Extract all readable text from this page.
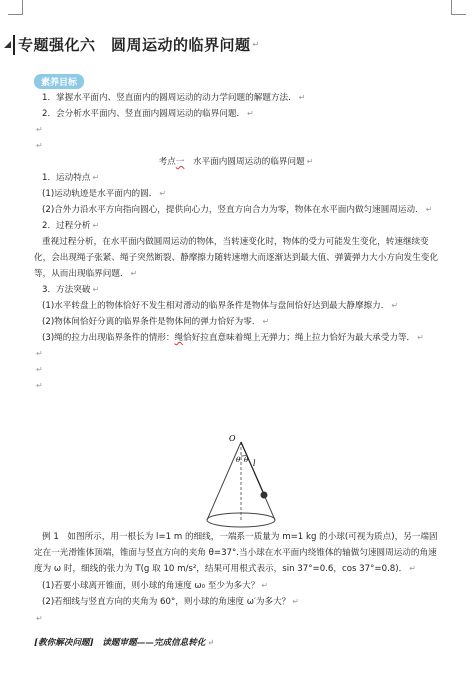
专题强化六　圆周运动的临界问题 ↵
素养目标

1．掌握水平面内、竖直面内的圆周运动的动力学问题的解题方法． ↵

2．会分析水平面内、竖直面内圆周运动的临界问题． ↵

↵

↵

考点一　水平面内圆周运动的临界问题 ↵

1．运动特点 ↵

(1)运动轨迹是水平面内的圆． ↵

(2)合外力沿水平方向指向圆心，提供向心力，竖直方向合力为零，物体在水平面内做匀速圆周运动． ↵

2．过程分析 ↵

重视过程分析，在水平面内做圆周运动的物体，当转速变化时，物体的受力可能发生变化，转速继续变化，会出现绳子张紧、绳子突然断裂、静摩擦力随转速增大而逐渐达到最大值、弹簧弹力大小方向发生变化等，从而出现临界问题． ↵

3．方法突破 ↵

(1)水平转盘上的物体恰好不发生相对滑动的临界条件是物体与盘间恰好达到最大静摩擦力． ↵

(2)物体间恰好分离的临界条件是物体间的弹力恰好为零． ↵

(3)绳的拉力出现临界条件的情形：绳恰好拉直意味着绳上无弹力；绳上拉力恰好为最大承受力等． ↵

↵

↵

↵

O
θ θ l

例 1　如图所示，用一根长为 l=1 m 的细线，一端系一质量为 m=1 kg 的小球(可视为质点)，另一端固定在一光滑锥体顶端，锥面与竖直方向的夹角 θ=37°.当小球在水平面内绕锥体的轴做匀速圆周运动的角速度为 ω 时，细线的张力为 T(g 取 10 m/s²，结果可用根式表示，sin 37°=0.6，cos 37°=0.8)． ↵

(1)若要小球离开锥面，则小球的角速度 ω₀ 至少为多大？ ↵

(2)若细线与竖直方向的夹角为 60°，则小球的角速度 ω′为多大？ ↵

↵

[教你解决问题]　读题审题——完成信息转化 ↵
